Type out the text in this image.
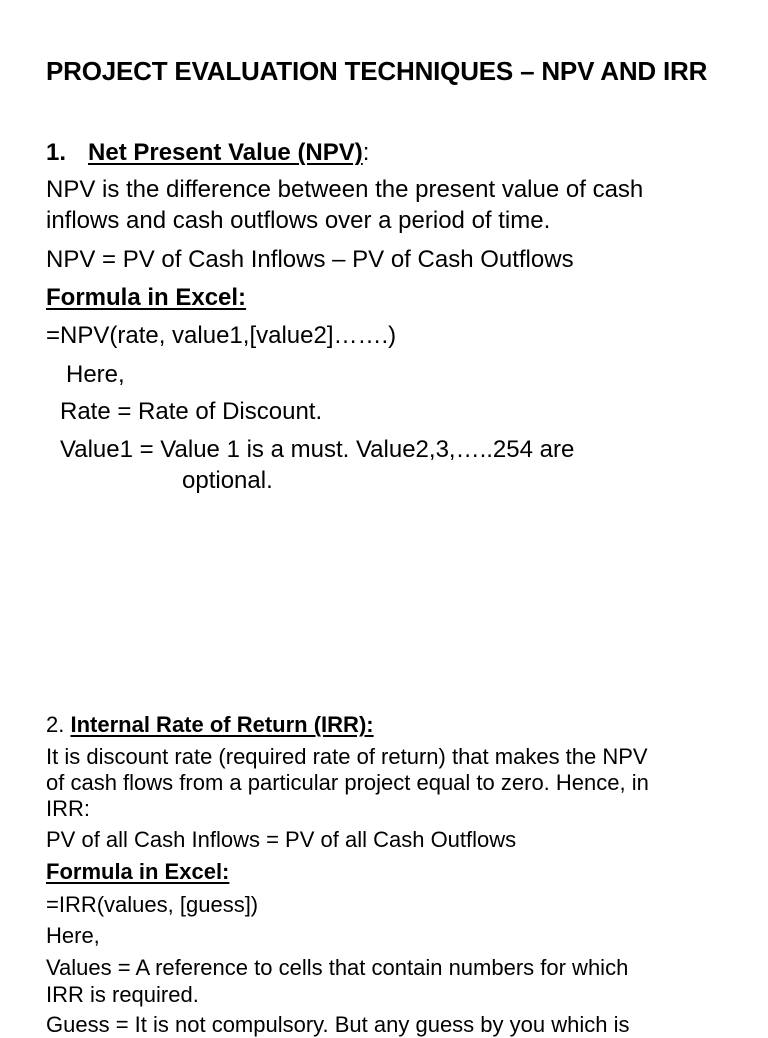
PROJECT EVALUATION TECHNIQUES – NPV AND IRR
1. Net Present Value (NPV):
NPV is the difference between the present value of cash
inflows and cash outflows over a period of time.
NPV = PV of Cash Inflows – PV of Cash Outflows
Formula in Excel:
=NPV(rate, value1,[value2]…….)
Here,
Rate = Rate of Discount.
Value1 = Value 1 is a must. Value2,3,…..254 are
optional.
2. Internal Rate of Return (IRR):
It is discount rate (required rate of return) that makes the NPV
of cash flows from a particular project equal to zero. Hence, in
IRR:
PV of all Cash Inflows = PV of all Cash Outflows
Formula in Excel:
=IRR(values, [guess])
Here,
Values = A reference to cells that contain numbers for which
IRR is required.
Guess = It is not compulsory. But any guess by you which is
